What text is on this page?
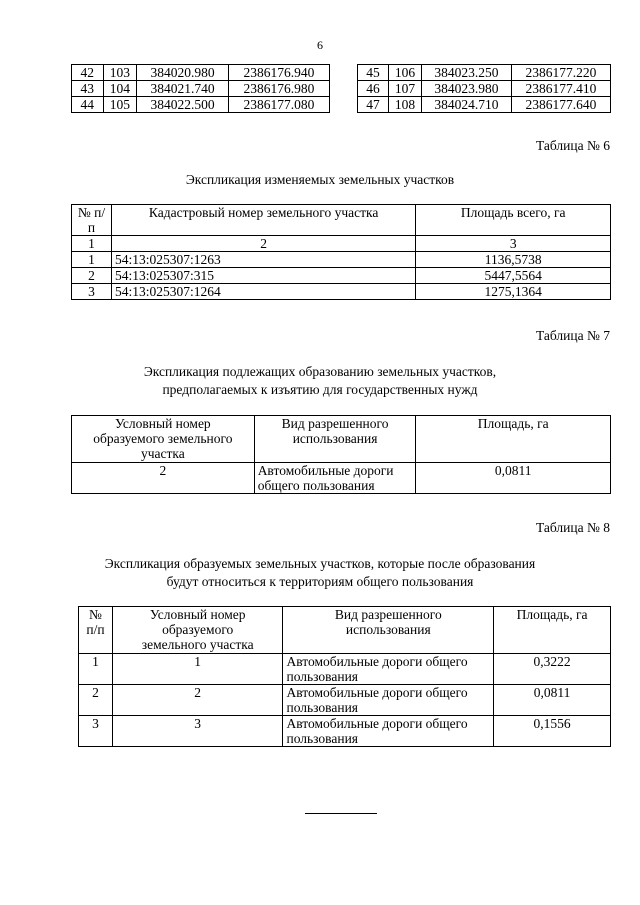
6
42	103	384020.980	2386176.940
43	104	384021.740	2386176.980
44	105	384022.500	2386177.080
45	106	384023.250	2386177.220
46	107	384023.980	2386177.410
47	108	384024.710	2386177.640
Таблица № 6
Экспликация изменяемых земельных участков
№ п/п	Кадастровый номер земельного участка	Площадь всего, га
1	2	3
1	54:13:025307:1263	1136,5738
2	54:13:025307:315	5447,5564
3	54:13:025307:1264	1275,1364
Таблица № 7
Экспликация подлежащих образованию земельных участков,
предполагаемых к изъятию для государственных нужд
Условный номер образуемого земельного участка	Вид разрешенного использования	Площадь, га
2	Автомобильные дороги общего пользования	0,0811
Таблица № 8
Экспликация образуемых земельных участков, которые после образования
будут относиться к территориям общего пользования
№ п/п	Условный номер образуемого земельного участка	Вид разрешенного использования	Площадь, га
1	1	Автомобильные дороги общего пользования	0,3222
2	2	Автомобильные дороги общего пользования	0,0811
3	3	Автомобильные дороги общего пользования	0,1556
